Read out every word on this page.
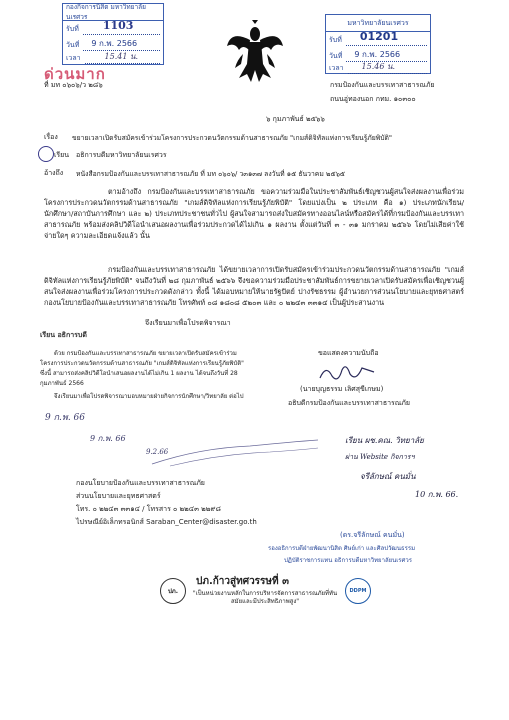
กองกิจการนิสิต มหาวิทยาลัยนเรศวร
รับที่ 1103
วันที่ 9 ก.พ. 2566
เวลา	15.41 น.
ด่วนมาก
มหาวิทยาลัยนเรศวร
รับที่ 01201
วันที่ 9 ก.พ. 2566
เวลา 15.46 น.
ที่ มท ๐๖๐๖/ว ๒๘๖	กรมป้องกันและบรรเทาสาธารณภัย
ถนนอู่ทองนอก กทม. ๑๐๓๐๐
๖ กุมภาพันธ์ ๒๕๖๖
เรื่อง ขยายเวลาเปิดรับสมัครเข้าร่วมโครงการประกวดนวัตกรรมด้านสาธารณภัย "เกมส์ดิจิทัลแห่งการเรียนรู้ภัยพิบัติ"
เรียน อธิการบดีมหาวิทยาลัยนเรศวร
อ้างถึง หนังสือกรมป้องกันและบรรเทาสาธารณภัย ที่ มท ๐๖๐๖/ ว๓๑๓๗ ลงวันที่ ๑๕ ธันวาคม ๒๕๖๕
ตามอ้างถึง กรมป้องกันและบรรเทาสาธารณภัย ขอความร่วมมือในประชาสัมพันธ์เชิญชวนผู้สนใจส่งผลงานเพื่อร่วมโครงการประกวดนวัตกรรมด้านสาธารณภัย "เกมส์ดิจิทัลแห่งการเรียนรู้ภัยพิบัติ" โดยแบ่งเป็น ๒ ประเภท คือ ๑) ประเภทนักเรียน/นักศึกษา/สถาบันการศึกษา และ ๒) ประเภทประชาชนทั่วไป ผู้สนใจสามารถส่งใบสมัครทางออนไลน์หรือสมัครได้ที่กรมป้องกันและบรรเทาสาธารณภัย พร้อมส่งคลิปวิดีโอนำเสนอผลงานเพื่อร่วมประกวดได้ไม่เกิน ๑ ผลงาน ตั้งแต่วันที่ ๓ - ๓๑ มกราคม ๒๕๖๖ โดยไม่เสียค่าใช้จ่ายใดๆ ความละเอียดแจ้งแล้ว นั้น
กรมป้องกันและบรรเทาสาธารณภัย ได้ขยายเวลาการเปิดรับสมัครเข้าร่วมประกวดนวัตกรรมด้านสาธารณภัย "เกมส์ดิจิทัลแห่งการเรียนรู้ภัยพิบัติ" จนถึงวันที่ ๒๘ กุมภาพันธ์ ๒๕๖๖ จึงขอความร่วมมือประชาสัมพันธ์การขยายเวลาเปิดรับสมัครเพื่อเชิญชวนผู้สนใจส่งผลงานเพื่อร่วมโครงการประกวดดังกล่าว ทั้งนี้ ได้มอบหมายให้นายรัฐปัตย์ ปางรัชธรรม ผู้อำนวยการส่วนนโยบายและยุทธศาสตร์ กองนโยบายป้องกันและบรรเทาสาธารณภัย โทรศัพท์ ๐๘ ๑๘๐๘ ๕๒๐๓ และ ๐ ๒๒๔๓ ๓๓๑๔ เป็นผู้ประสานงาน
จึงเรียนมาเพื่อโปรดพิจารณา
เรียน อธิการบดี
ด้วย กรมป้องกันและบรรเทาสาธารณภัย ขยายเวลาเปิดรับสมัครเข้าร่วมโครงการประกวดนวัตกรรมด้านสาธารณภัย "เกมส์ดิจิทัลแห่งการเรียนรู้ภัยพิบัติ" ซึ่งนี้ สามารถส่งคลิปวิดีโอนำเสนอผลงานได้ไม่เกิน 1 ผลงาน ได้จนถึงวันที่ 28 กุมภาพันธ์ 2566
จึงเรียนมาเพื่อโปรดพิจารณามอบหมายฝ่ายกิจการนักศึกษา/วิทยาลัย ต่อไป
ขอแสดงความนับถือ
(นายบุญธรรม เลิศสุขีเกษม)
อธิบดีกรมป้องกันและบรรเทาสาธารณภัย
9 ก.พ. 66
9 ก.พ. 66
9.2.66
เรียน ผช.คณ. วิทยาลัย
ผ่าน Website กิจการฯ
จรีลักษณ์ คนมั่น
10 ก.พ. 66.
กองนโยบายป้องกันและบรรเทาสาธารณภัย
ส่วนนโยบายและยุทธศาสตร์
โทร. ๐ ๒๒๔๓ ๓๓๑๔ / โทรสาร ๐ ๒๒๔๓ ๒๒๙๘
ไปรษณีย์อิเล็กทรอนิกส์ Saraban_Center@disaster.go.th
(ดร.จรีลักษณ์ คนมั่น)
รองอธิการบดีฝ่ายพัฒนานิสิต ศิษย์เก่า และศิลปวัฒนธรรม
ปฏิบัติราชการแทน อธิการบดีมหาวิทยาลัยนเรศวร
ปภ.
ปภ.ก้าวสู่ทศวรรษที่ ๓
"เป็นหน่วยงานหลักในการบริหารจัดการสาธารณภัยที่ทันสมัยและมีประสิทธิภาพสูง"
DDPM
